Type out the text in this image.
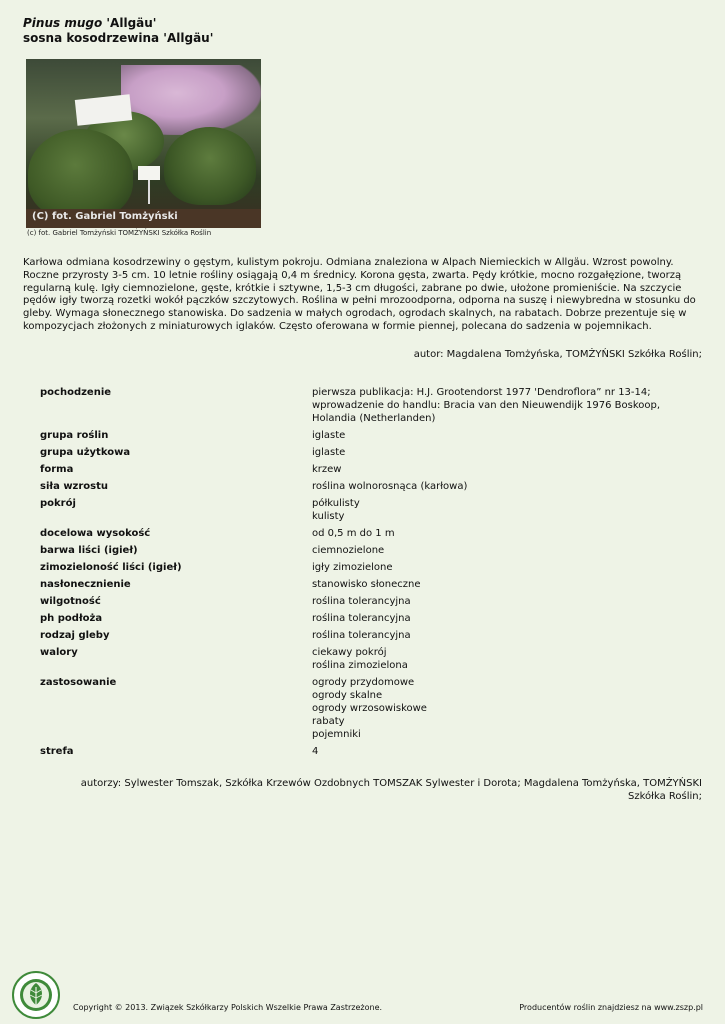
Pinus mugo 'Allgäu'
sosna kosodrzewina 'Allgäu'
(C) fot. Gabriel Tomżyński
(c) fot. Gabriel Tomżyński TOMŻYŃSKI Szkółka Roślin
Karłowa odmiana kosodrzewiny o gęstym, kulistym pokroju. Odmiana znaleziona w Alpach Niemieckich w Allgäu. Wzrost powolny. Roczne przyrosty 3-5 cm. 10 letnie rośliny osiągają 0,4 m średnicy. Korona gęsta, zwarta. Pędy krótkie, mocno rozgałęzione, tworzą regularną kulę. Igły ciemnozielone, gęste, krótkie i sztywne, 1,5-3 cm długości, zabrane po dwie, ułożone promieniście. Na szczycie pędów igły tworzą rozetki wokół pączków szczytowych. Roślina w pełni mrozoodporna, odporna na suszę i niewybredna w stosunku do gleby. Wymaga słonecznego stanowiska. Do sadzenia w małych ogrodach, ogrodach skalnych, na rabatach. Dobrze prezentuje się w kompozycjach złożonych z miniaturowych iglaków. Często oferowana w formie piennej, polecana do sadzenia w pojemnikach.
autor: Magdalena Tomżyńska, TOMŻYŃSKI Szkółka Roślin;
pochodzenie	pierwsza publikacja: H.J. Grootendorst 1977 'Dendroflora” nr 13-14;
wprowadzenie do handlu: Bracia van den Nieuwendijk 1976 Boskoop,
Holandia (Netherlanden)
grupa roślin	iglaste
grupa użytkowa	iglaste
forma	krzew
siła wzrostu	roślina wolnorosnąca (karłowa)
pokrój	półkulisty
kulisty
docelowa wysokość	od 0,5 m do 1 m
barwa liści (igieł)	ciemnozielone
zimozieloność liści (igieł)	igły zimozielone
nasłonecznienie	stanowisko słoneczne
wilgotność	roślina tolerancyjna
ph podłoża	roślina tolerancyjna
rodzaj gleby	roślina tolerancyjna
walory	ciekawy pokrój
roślina zimozielona
zastosowanie	ogrody przydomowe
ogrody skalne
ogrody wrzosowiskowe
rabaty
pojemniki
strefa	4
autorzy: Sylwester Tomszak, Szkółka Krzewów Ozdobnych TOMSZAK Sylwester i Dorota; Magdalena Tomżyńska, TOMŻYŃSKI Szkółka Roślin;
Copyright © 2013. Związek Szkółkarzy Polskich Wszelkie Prawa Zastrzeżone.	Producentów roślin znajdziesz na www.zszp.pl
